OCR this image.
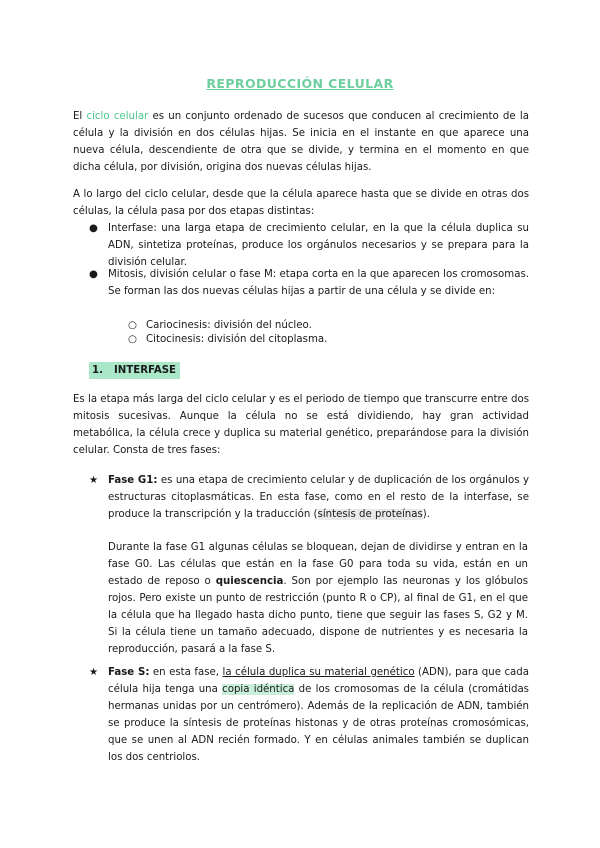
REPRODUCCIÓN CELULAR

El ciclo celular es un conjunto ordenado de sucesos que conducen al crecimiento de la célula y la división en dos células hijas. Se inicia en el instante en que aparece una nueva célula, descendiente de otra que se divide, y termina en el momento en que dicha célula, por división, origina dos nuevas células hijas.

A lo largo del ciclo celular, desde que la célula aparece hasta que se divide en otras dos células, la célula pasa por dos etapas distintas:

● Interfase: una larga etapa de crecimiento celular, en la que la célula duplica su ADN, sintetiza proteínas, produce los orgánulos necesarios y se prepara para la división celular.
● Mitosis, división celular o fase M: etapa corta en la que aparecen los cromosomas. Se forman las dos nuevas células hijas a partir de una célula y se divide en:
○ Cariocinesis: división del núcleo.
○ Citocinesis: división del citoplasma.
1. INTERFASE

Es la etapa más larga del ciclo celular y es el periodo de tiempo que transcurre entre dos mitosis sucesivas. Aunque la célula no se está dividiendo, hay gran actividad metabólica, la célula crece y duplica su material genético, preparándose para la división celular. Consta de tres fases:

★ Fase G1: es una etapa de crecimiento celular y de duplicación de los orgánulos y estructuras citoplasmáticas. En esta fase, como en el resto de la interfase, se produce la transcripción y la traducción (síntesis de proteínas).

Durante la fase G1 algunas células se bloquean, dejan de dividirse y entran en la fase G0. Las células que están en la fase G0 para toda su vida, están en un estado de reposo o quiescencia. Son por ejemplo las neuronas y los glóbulos rojos. Pero existe un punto de restricción (punto R o CP), al final de G1, en el que la célula que ha llegado hasta dicho punto, tiene que seguir las fases S, G2 y M. Si la célula tiene un tamaño adecuado, dispone de nutrientes y es necesaria la reproducción, pasará a la fase S.

★ Fase S: en esta fase, la célula duplica su material genético (ADN), para que cada célula hija tenga una copia idéntica de los cromosomas de la célula (cromátidas hermanas unidas por un centrómero). Además de la replicación de ADN, también se produce la síntesis de proteínas histonas y de otras proteínas cromosómicas, que se unen al ADN recién formado. Y en células animales también se duplican los dos centriolos.
